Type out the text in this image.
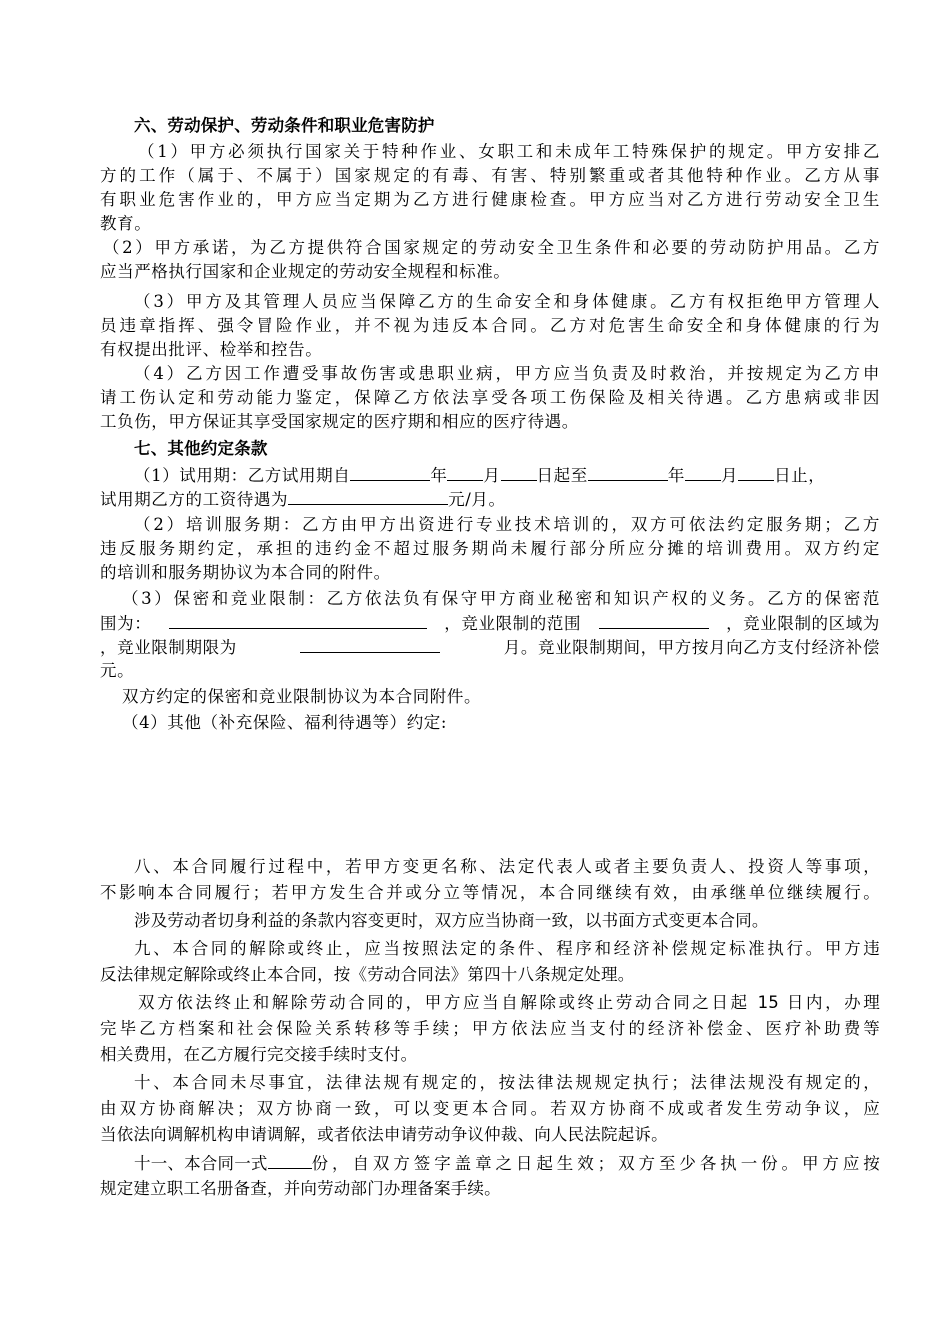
六、劳动保护、劳动条件和职业危害防护
（1）甲方必须执行国家关于特种作业、女职工和未成年工特殊保护的规定。甲方安排乙
方的工作（属于、不属于）国家规定的有毒、有害、特别繁重或者其他特种作业。乙方从事
有职业危害作业的，甲方应当定期为乙方进行健康检查。甲方应当对乙方进行劳动安全卫生
教育。
（2）甲方承诺，为乙方提供符合国家规定的劳动安全卫生条件和必要的劳动防护用品。乙方
应当严格执行国家和企业规定的劳动安全规程和标准。
（3）甲方及其管理人员应当保障乙方的生命安全和身体健康。乙方有权拒绝甲方管理人
员违章指挥、强令冒险作业，并不视为违反本合同。乙方对危害生命安全和身体健康的行为
有权提出批评、检举和控告。
（4）乙方因工作遭受事故伤害或患职业病，甲方应当负责及时救治，并按规定为乙方申
请工伤认定和劳动能力鉴定，保障乙方依法享受各项工伤保险及相关待遇。乙方患病或非因
工负伤，甲方保证其享受国家规定的医疗期和相应的医疗待遇。
七、其他约定条款
（1）试用期：乙方试用期自	年 月 日起至	年 月 日止，
试用期乙方的工资待遇为	元/月。
（2）培训服务期：乙方由甲方出资进行专业技术培训的，双方可依法约定服务期；乙方
违反服务期约定，承担的违约金不超过服务期尚未履行部分所应分摊的培训费用。双方约定
的培训和服务期协议为本合同的附件。
（3）保密和竞业限制：乙方依法负有保守甲方商业秘密和知识产权的义务。乙方的保密范
围为：	，竞业限制的范围	，竞业限制的区域为
，竞业限制期限为	月。竞业限制期间，甲方按月向乙方支付经济补偿
元。
双方约定的保密和竞业限制协议为本合同附件。
（4）其他（补充保险、福利待遇等）约定:
八、本合同履行过程中，若甲方变更名称、法定代表人或者主要负责人、投资人等事项，
不影响本合同履行；若甲方发生合并或分立等情况，本合同继续有效，由承继单位继续履行。
涉及劳动者切身利益的条款内容变更时，双方应当协商一致，以书面方式变更本合同。
九、本合同的解除或终止，应当按照法定的条件、程序和经济补偿规定标准执行。甲方违
反法律规定解除或终止本合同，按《劳动合同法》第四十八条规定处理。
双方依法终止和解除劳动合同的，甲方应当自解除或终止劳动合同之日起 15 日内，办理
完毕乙方档案和社会保险关系转移等手续；甲方依法应当支付的经济补偿金、医疗补助费等
相关费用，在乙方履行完交接手续时支付。
十、本合同未尽事宜，法律法规有规定的，按法律法规规定执行；法律法规没有规定的，
由双方协商解决；双方协商一致，可以变更本合同。若双方协商不成或者发生劳动争议，应
当依法向调解机构申请调解，或者依法申请劳动争议仲裁、向人民法院起诉。
十一、本合同一式	份，自双方签字盖章之日起生效；双方至少各执一份。甲方应按
规定建立职工名册备查，并向劳动部门办理备案手续。
